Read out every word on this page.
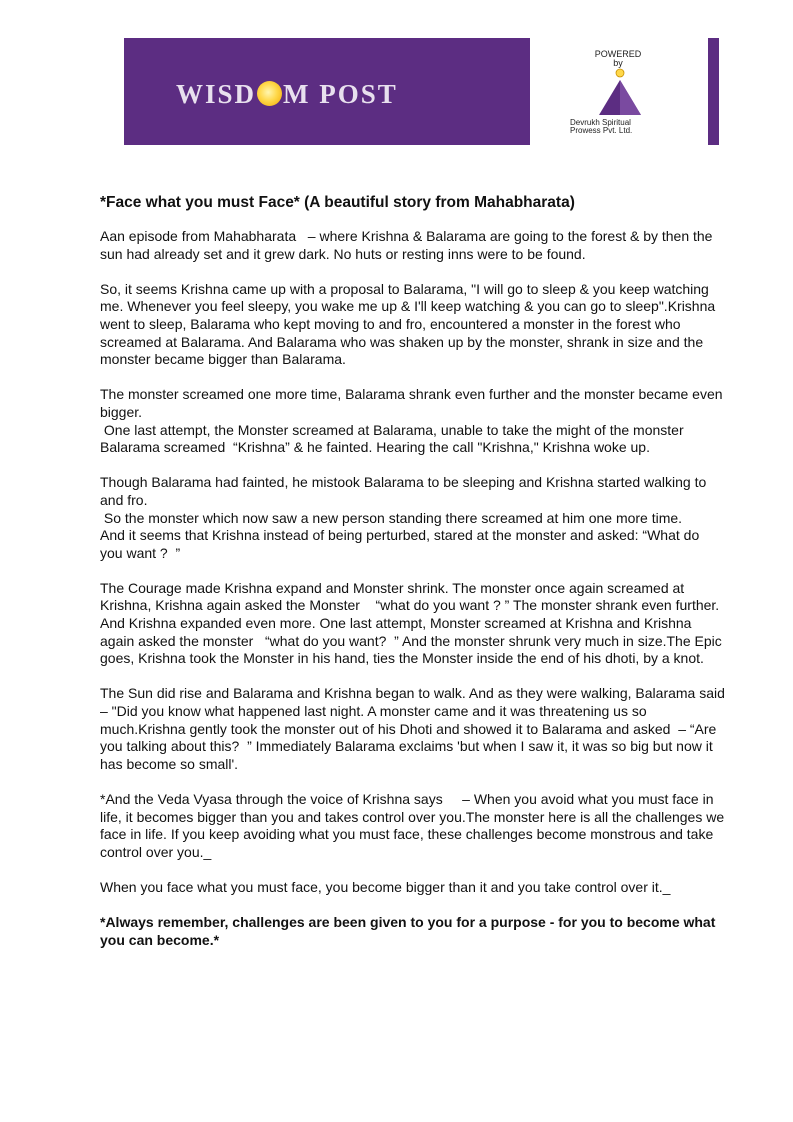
WISD M POST
POWERED
by
Devrukh Spiritual
Prowess Pvt. Ltd.
*Face what you must Face* (A beautiful story from Mahabharata)

Aan episode from Mahabharata   – where Krishna & Balarama are going to the forest & by then the sun had already set and it grew dark. No huts or resting inns were to be found.

So, it seems Krishna came up with a proposal to Balarama, "I will go to sleep & you keep watching me. Whenever you feel sleepy, you wake me up & I'll keep watching & you can go to sleep".Krishna went to sleep, Balarama who kept moving to and fro, encountered a monster in the forest who screamed at Balarama. And Balarama who was shaken up by the monster, shrank in size and the monster became bigger than Balarama.

The monster screamed one more time, Balarama shrank even further and the monster became even bigger.
One last attempt, the Monster screamed at Balarama, unable to take the might of the monster Balarama screamed  “Krishna” & he fainted. Hearing the call "Krishna," Krishna woke up.

Though Balarama had fainted, he mistook Balarama to be sleeping and Krishna started walking to and fro.
So the monster which now saw a new person standing there screamed at him one more time.
And it seems that Krishna instead of being perturbed, stared at the monster and asked: “What do you want ?  ”

The Courage made Krishna expand and Monster shrink. The monster once again screamed at Krishna, Krishna again asked the Monster    “what do you want ? ” The monster shrank even further. And Krishna expanded even more. One last attempt, Monster screamed at Krishna and Krishna again asked the monster   “what do you want?  ” And the monster shrunk very much in size.The Epic goes, Krishna took the Monster in his hand, ties the Monster inside the end of his dhoti, by a knot.

The Sun did rise and Balarama and Krishna began to walk. And as they were walking, Balarama said  – "Did you know what happened last night. A monster came and it was threatening us so much.Krishna gently took the monster out of his Dhoti and showed it to Balarama and asked  – “Are you talking about this?  ” Immediately Balarama exclaims 'but when I saw it, it was so big but now it has become so small'.

*And the Veda Vyasa through the voice of Krishna says     – When you avoid what you must face in life, it becomes bigger than you and takes control over you.The monster here is all the challenges we face in life. If you keep avoiding what you must face, these challenges become monstrous and take control over you._

When you face what you must face, you become bigger than it and you take control over it._

*Always remember, challenges are been given to you for a purpose - for you to become what you can become.*
